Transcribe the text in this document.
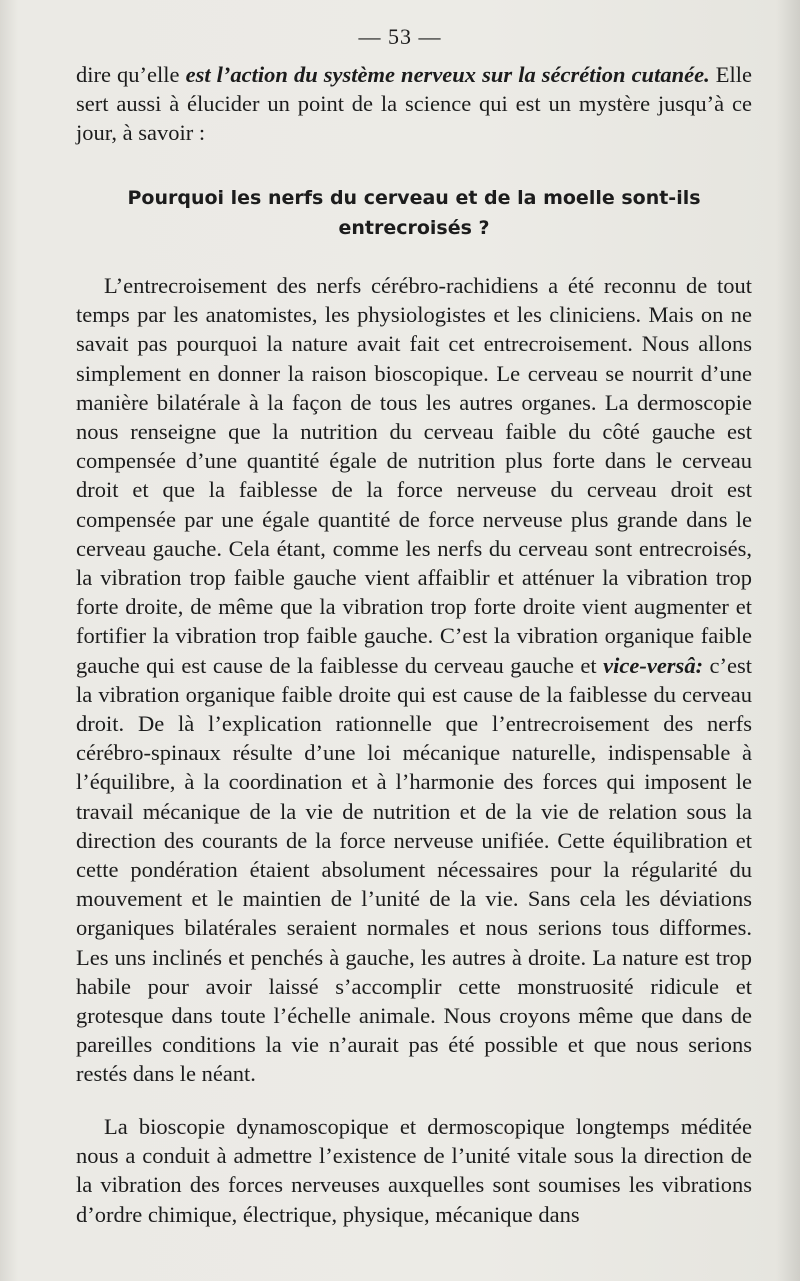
— 53 —
dire qu’elle est l’action du système nerveux sur la sécrétion cutanée. Elle sert aussi à élucider un point de la science qui est un mystère jusqu’à ce jour, à savoir :
Pourquoi les nerfs du cerveau et de la moelle sont-ils entrecroisés ?
L’entrecroisement des nerfs cérébro-rachidiens a été reconnu de tout temps par les anatomistes, les physiologistes et les cliniciens. Mais on ne savait pas pourquoi la nature avait fait cet entrecroisement. Nous allons simplement en donner la raison bioscopique. Le cerveau se nourrit d’une manière bilatérale à la façon de tous les autres organes. La dermoscopie nous renseigne que la nutrition du cerveau faible du côté gauche est compensée d’une quantité égale de nutrition plus forte dans le cerveau droit et que la faiblesse de la force nerveuse du cerveau droit est compensée par une égale quantité de force nerveuse plus grande dans le cerveau gauche. Cela étant, comme les nerfs du cerveau sont entrecroisés, la vibration trop faible gauche vient affaiblir et atténuer la vibration trop forte droite, de même que la vibration trop forte droite vient augmenter et fortifier la vibration trop faible gauche. C’est la vibration organique faible gauche qui est cause de la faiblesse du cerveau gauche et vice-versâ: c’est la vibration organique faible droite qui est cause de la faiblesse du cerveau droit. De là l’explication rationnelle que l’entrecroisement des nerfs cérébro-spinaux résulte d’une loi mécanique naturelle, indispensable à l’équilibre, à la coordination et à l’harmonie des forces qui imposent le travail mécanique de la vie de nutrition et de la vie de relation sous la direction des courants de la force nerveuse unifiée. Cette équilibration et cette pondération étaient absolument nécessaires pour la régularité du mouvement et le maintien de l’unité de la vie. Sans cela les déviations organiques bilatérales seraient normales et nous serions tous difformes. Les uns inclinés et penchés à gauche, les autres à droite. La nature est trop habile pour avoir laissé s’accomplir cette monstruosité ridicule et grotesque dans toute l’échelle animale. Nous croyons même que dans de pareilles conditions la vie n’aurait pas été possible et que nous serions restés dans le néant.
La bioscopie dynamoscopique et dermoscopique longtemps méditée nous a conduit à admettre l’existence de l’unité vitale sous la direction de la vibration des forces nerveuses auxquelles sont soumises les vibrations d’ordre chimique, électrique, physique, mécanique dans
